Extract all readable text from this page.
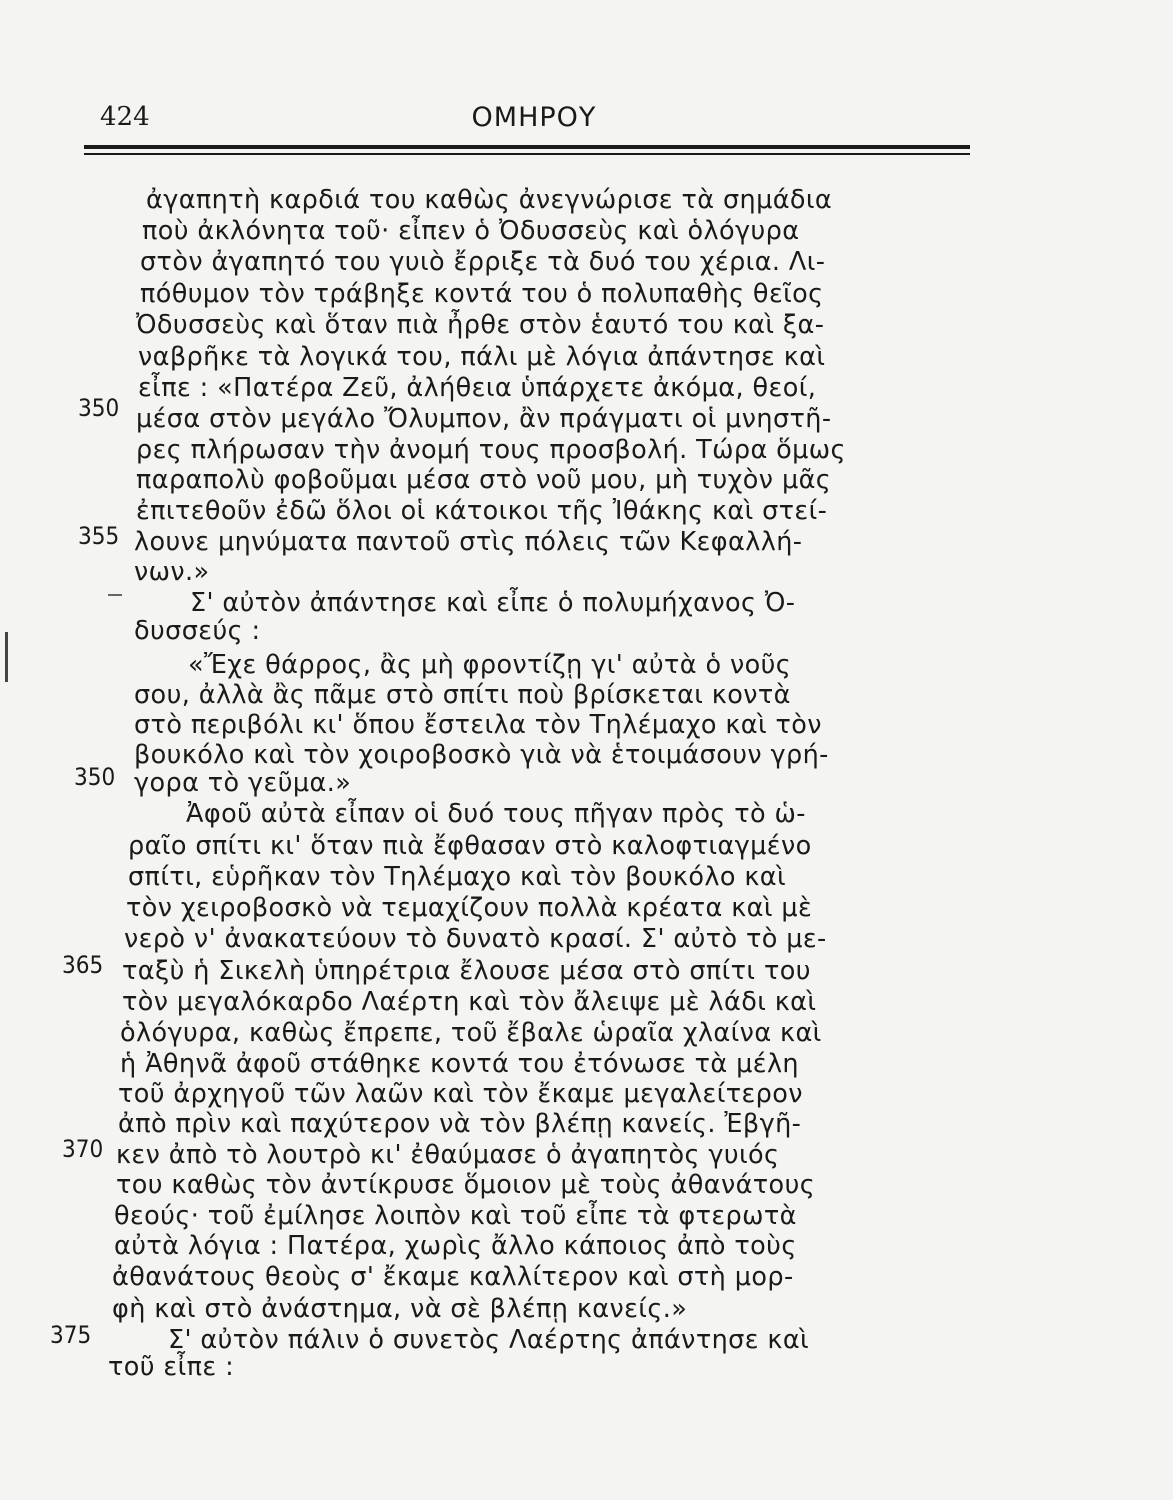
424	ΟΜΗΡΟΥ
350
355
350
365
370
375
ἀγαπητὴ καρδιά του καθὼς ἀνεγνώρισε τὰ σημάδια
ποὺ ἀκλόνητα τοῦ· εἶπεν ὁ Ὀδυσσεὺς καὶ ὁλόγυρα
στὸν ἀγαπητό του γυιὸ ἔρριξε τὰ δυό του χέρια. Λι-
πόθυμον τὸν τράβηξε κοντά του ὁ πολυπαθὴς θεῖος
Ὀδυσσεὺς καὶ ὅταν πιὰ ἦρθε στὸν ἑαυτό του καὶ ξα-
ναβρῆκε τὰ λογικά του, πάλι μὲ λόγια ἀπάντησε καὶ
εἶπε : «Πατέρα Ζεῦ, ἀλήθεια ὑπάρχετε ἀκόμα, θεοί,
μέσα στὸν μεγάλο Ὄλυμπον, ἂν πράγματι οἱ μνηστῆ-
ρες πλήρωσαν τὴν ἀνομή τους προσβολή. Τώρα ὅμως
παραπολὺ φοβοῦμαι μέσα στὸ νοῦ μου, μὴ τυχὸν μᾶς
ἐπιτεθοῦν ἐδῶ ὅλοι οἱ κάτοικοι τῆς Ἰθάκης καὶ στεί-
λουνε μηνύματα παντοῦ στὶς πόλεις τῶν Κεφαλλή-
νων.»
Σ' αὐτὸν ἀπάντησε καὶ εἶπε ὁ πολυμήχανος Ὀ-
δυσσεύς :
«Ἔχε θάρρος, ἂς μὴ φροντίζῃ γι' αὐτὰ ὁ νοῦς
σου, ἀλλὰ ἂς πᾶμε στὸ σπίτι ποὺ βρίσκεται κοντὰ
στὸ περιβόλι κι' ὅπου ἔστειλα τὸν Τηλέμαχο καὶ τὸν
βουκόλο καὶ τὸν χοιροβοσκὸ γιὰ νὰ ἑτοιμάσουν γρή-
γορα τὸ γεῦμα.»
Ἀφοῦ αὐτὰ εἶπαν οἱ δυό τους πῆγαν πρὸς τὸ ὡ-
ραῖο σπίτι κι' ὅταν πιὰ ἔφθασαν στὸ καλοφτιαγμένο
σπίτι, εὑρῆκαν τὸν Τηλέμαχο καὶ τὸν βουκόλο καὶ
τὸν χειροβοσκὸ νὰ τεμαχίζουν πολλὰ κρέατα καὶ μὲ
νερὸ ν' ἀνακατεύουν τὸ δυνατὸ κρασί. Σ' αὐτὸ τὸ με-
ταξὺ ἡ Σικελὴ ὑπηρέτρια ἔλουσε μέσα στὸ σπίτι του
τὸν μεγαλόκαρδο Λαέρτη καὶ τὸν ἄλειψε μὲ λάδι καὶ
ὁλόγυρα, καθὼς ἔπρεπε, τοῦ ἔβαλε ὡραῖα χλαίνα καὶ
ἡ Ἀθηνᾶ ἀφοῦ στάθηκε κοντά του ἐτόνωσε τὰ μέλη
τοῦ ἀρχηγοῦ τῶν λαῶν καὶ τὸν ἔκαμε μεγαλείτερον
ἀπὸ πρὶν καὶ παχύτερον νὰ τὸν βλέπῃ κανείς. Ἐβγῆ-
κεν ἀπὸ τὸ λουτρὸ κι' ἐθαύμασε ὁ ἀγαπητὸς γυιός
του καθὼς τὸν ἀντίκρυσε ὅμοιον μὲ τοὺς ἀθανάτους
θεούς· τοῦ ἐμίλησε λοιπὸν καὶ τοῦ εἶπε τὰ φτερωτὰ
αὐτὰ λόγια : Πατέρα, χωρὶς ἄλλο κάποιος ἀπὸ τοὺς
ἀθανάτους θεοὺς σ' ἔκαμε καλλίτερον καὶ στὴ μορ-
φὴ καὶ στὸ ἀνάστημα, νὰ σὲ βλέπῃ κανείς.»
Σ' αὐτὸν πάλιν ὁ συνετὸς Λαέρτης ἀπάντησε καὶ
τοῦ εἶπε :
